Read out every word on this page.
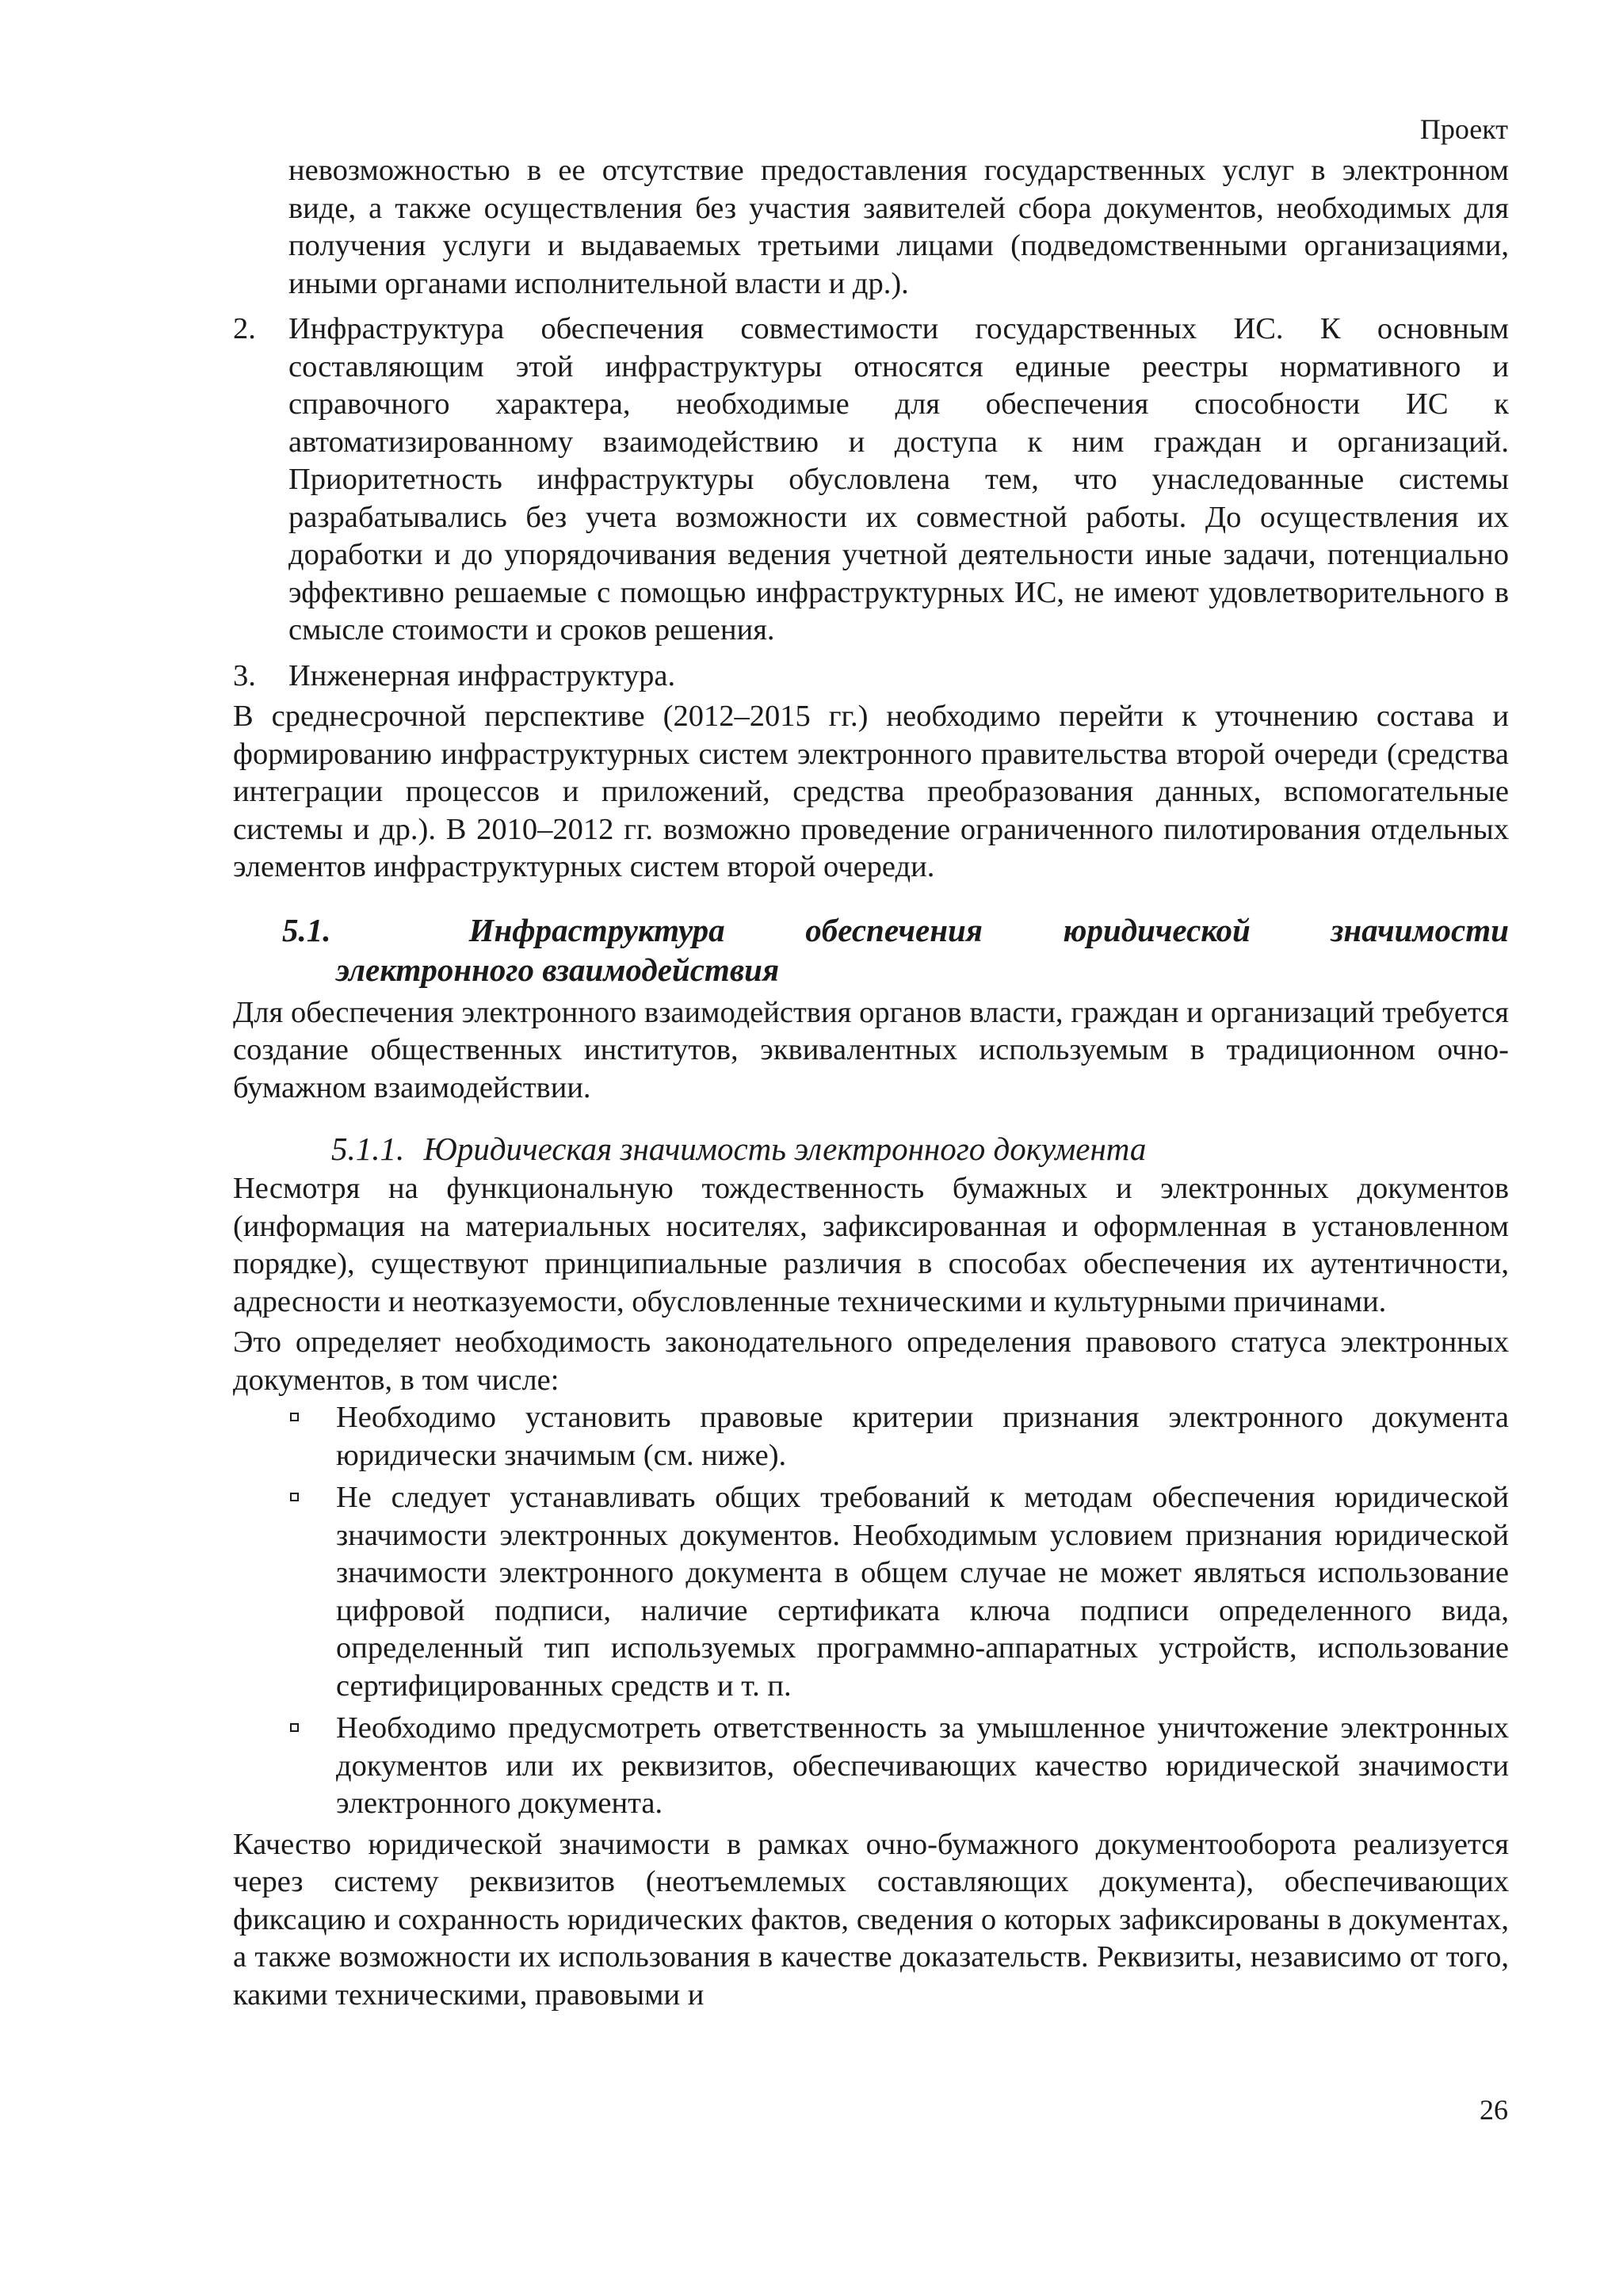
Проект

невозможностью в ее отсутствие предоставления государственных услуг в электронном виде, а также осуществления без участия заявителей сбора документов, необходимых для получения услуги и выдаваемых третьими лицами (подведомственными организациями, иными органами исполнительной власти и др.).

2.	Инфраструктура обеспечения совместимости государственных ИС. К основным составляющим этой инфраструктуры относятся единые реестры нормативного и справочного характера, необходимые для обеспечения способности ИС к автоматизированному взаимодействию и доступа к ним граждан и организаций. Приоритетность инфраструктуры обусловлена тем, что унаследованные системы разрабатывались без учета возможности их совместной работы. До осуществления их доработки и до упорядочивания ведения учетной деятельности иные задачи, потенциально эффективно решаемые с помощью инфраструктурных ИС, не имеют удовлетворительного в смысле стоимости и сроков решения.
3.	Инженерная инфраструктура.

В среднесрочной перспективе (2012–2015 гг.) необходимо перейти к уточнению состава и формированию инфраструктурных систем электронного правительства второй очереди (средства интеграции процессов и приложений, средства преобразования данных, вспомогательные системы и др.). В 2010–2012 гг. возможно проведение ограниченного пилотирования отдельных элементов инфраструктурных систем второй очереди.

5.1.	Инфраструктура обеспечения юридической значимости
электронного взаимодействия

Для обеспечения электронного взаимодействия органов власти, граждан и организаций требуется создание общественных институтов, эквивалентных используемым в традиционном очно-бумажном взаимодействии.

5.1.1. Юридическая значимость электронного документа

Несмотря на функциональную тождественность бумажных и электронных документов (информация на материальных носителях, зафиксированная и оформленная в установленном порядке), существуют принципиальные различия в способах обеспечения их аутентичности, адресности и неотказуемости, обусловленные техническими и культурными причинами.

Это определяет необходимость законодательного определения правового статуса электронных документов, в том числе:

Необходимо установить правовые критерии признания электронного документа юридически значимым (см. ниже).
Не следует устанавливать общих требований к методам обеспечения юридической значимости электронных документов. Необходимым условием признания юридической значимости электронного документа в общем случае не может являться использование цифровой подписи, наличие сертификата ключа подписи определенного вида, определенный тип используемых программно-аппаратных устройств, использование сертифицированных средств и т. п.
Необходимо предусмотреть ответственность за умышленное уничтожение электронных документов или их реквизитов, обеспечивающих качество юридической значимости электронного документа.

Качество юридической значимости в рамках очно-бумажного документооборота реализуется через систему реквизитов (неотъемлемых составляющих документа), обеспечивающих фиксацию и сохранность юридических фактов, сведения о которых зафиксированы в документах, а также возможности их использования в качестве доказательств. Реквизиты, независимо от того, какими техническими, правовыми и

26
